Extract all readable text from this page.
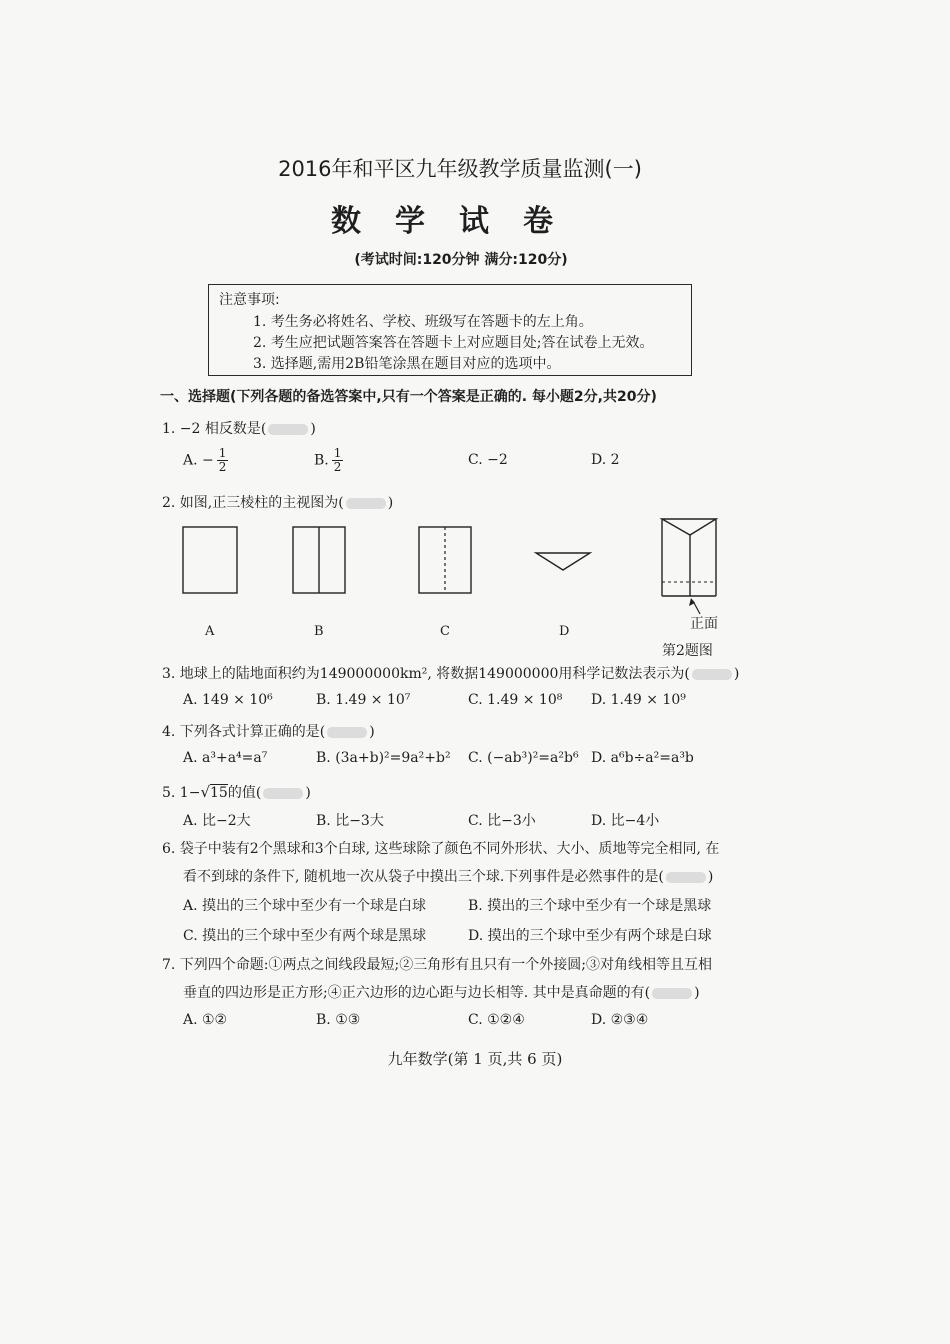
2016年和平区九年级教学质量监测(一)
数学试卷
(考试时间:120分钟 满分:120分)
注意事项:
1. 考生务必将姓名、学校、班级写在答题卡的左上角。
2. 考生应把试题答案答在答题卡上对应题目处;答在试卷上无效。
3. 选择题,需用2B铅笔涂黑在题目对应的选项中。
一、选择题(下列各题的备选答案中,只有一个答案是正确的. 每小题2分,共20分)
1. −2 相反数是(	)
A. − $\frac{1}{2}$	B. $\frac{1}{2}$	C. −2	D. 2
2. 如图,正三棱柱的主视图为(	)
A	B	C	D	正面
第2题图
3. 地球上的陆地面积约为149000000km², 将数据149000000用科学记数法表示为(	)
A. 149 × 10⁶	B. 1.49 × 10⁷	C. 1.49 × 10⁸ D. 1.49 × 10⁹
4. 下列各式计算正确的是(	)
A. a³+a⁴=a⁷	B. (3a+b)²=9a²+b² C. (−ab³)²=a²b⁶ D. a⁶b÷a²=a³b
5. 1−√15的值(	)
A. 比−2大	B. 比−3大	C. 比−3小	D. 比−4小
6. 袋子中装有2个黑球和3个白球, 这些球除了颜色不同外形状、大小、质地等完全相同, 在
看不到球的条件下, 随机地一次从袋子中摸出三个球.下列事件是必然事件的是(	)
A. 摸出的三个球中至少有一个球是白球	B. 摸出的三个球中至少有一个球是黑球
C. 摸出的三个球中至少有两个球是黑球	D. 摸出的三个球中至少有两个球是白球
7. 下列四个命题:①两点之间线段最短;②三角形有且只有一个外接圆;③对角线相等且互相
垂直的四边形是正方形;④正六边形的边心距与边长相等. 其中是真命题的有(	)
A. ①②	B. ①③	C. ①②④	D. ②③④
九年数学(第 1 页,共 6 页)
